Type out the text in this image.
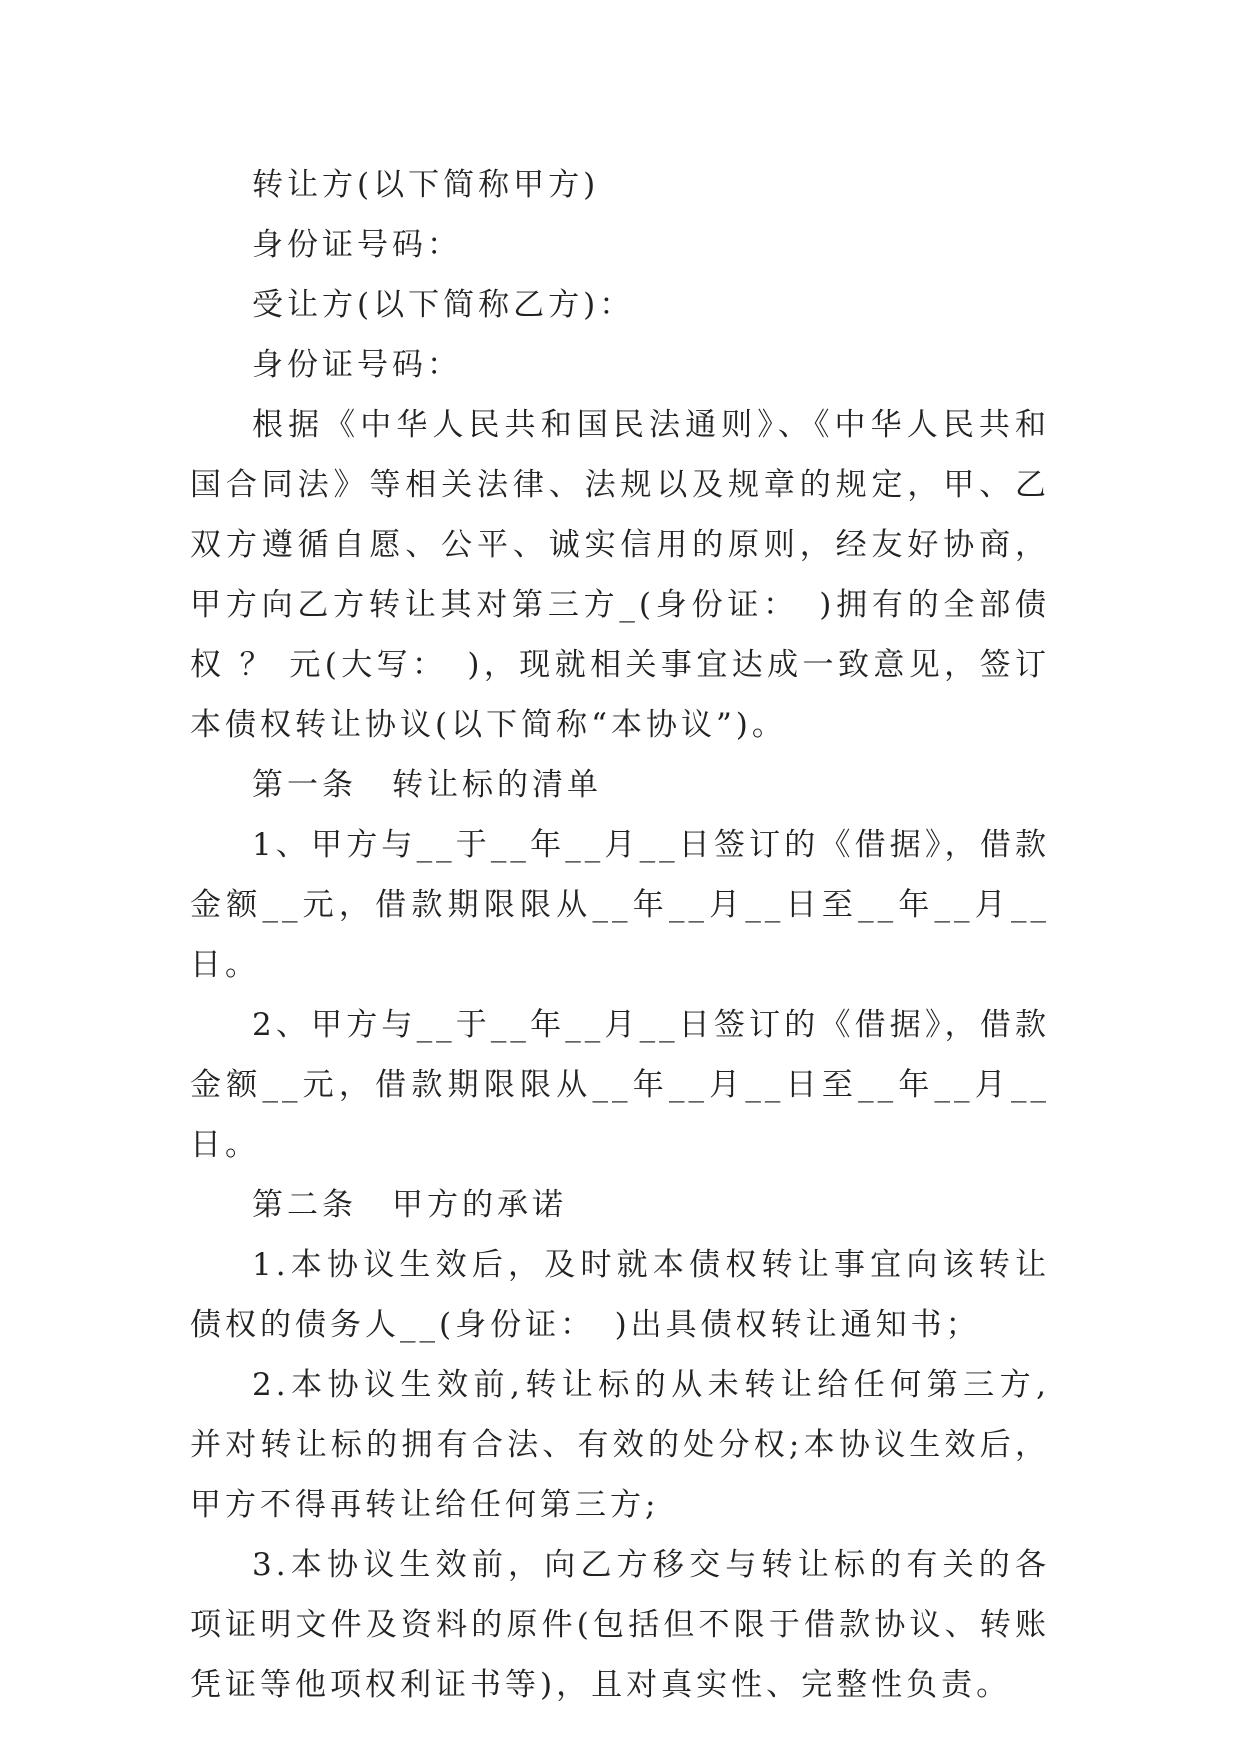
转让方(以下简称甲方)

身份证号码：

受让方(以下简称乙方)：

身份证号码：

根据《中华人民共和国民法通则》、《中华人民共和国合同法》等相关法律、法规以及规章的规定，甲、乙双方遵循自愿、公平、诚实信用的原则，经友好协商，甲方向乙方转让其对第三方_(身份证：　)拥有的全部债权 ？ 元(大写：　)，现就相关事宜达成一致意见，签订本债权转让协议(以下简称“本协议”)。

第一条　转让标的清单

1、甲方与__于__年__月__日签订的《借据》，借款金额__元，借款期限限从__年__月__日至__年__月__日。

2、甲方与__于__年__月__日签订的《借据》，借款金额__元，借款期限限从__年__月__日至__年__月__日。

第二条　甲方的承诺

1.本协议生效后，及时就本债权转让事宜向该转让债权的债务人__(身份证：　)出具债权转让通知书；

2.本协议生效前,转让标的从未转让给任何第三方,并对转让标的拥有合法、有效的处分权;本协议生效后，甲方不得再转让给任何第三方;

3.本协议生效前，向乙方移交与转让标的有关的各项证明文件及资料的原件(包括但不限于借款协议、转账凭证等他项权利证书等)，且对真实性、完整性负责。
